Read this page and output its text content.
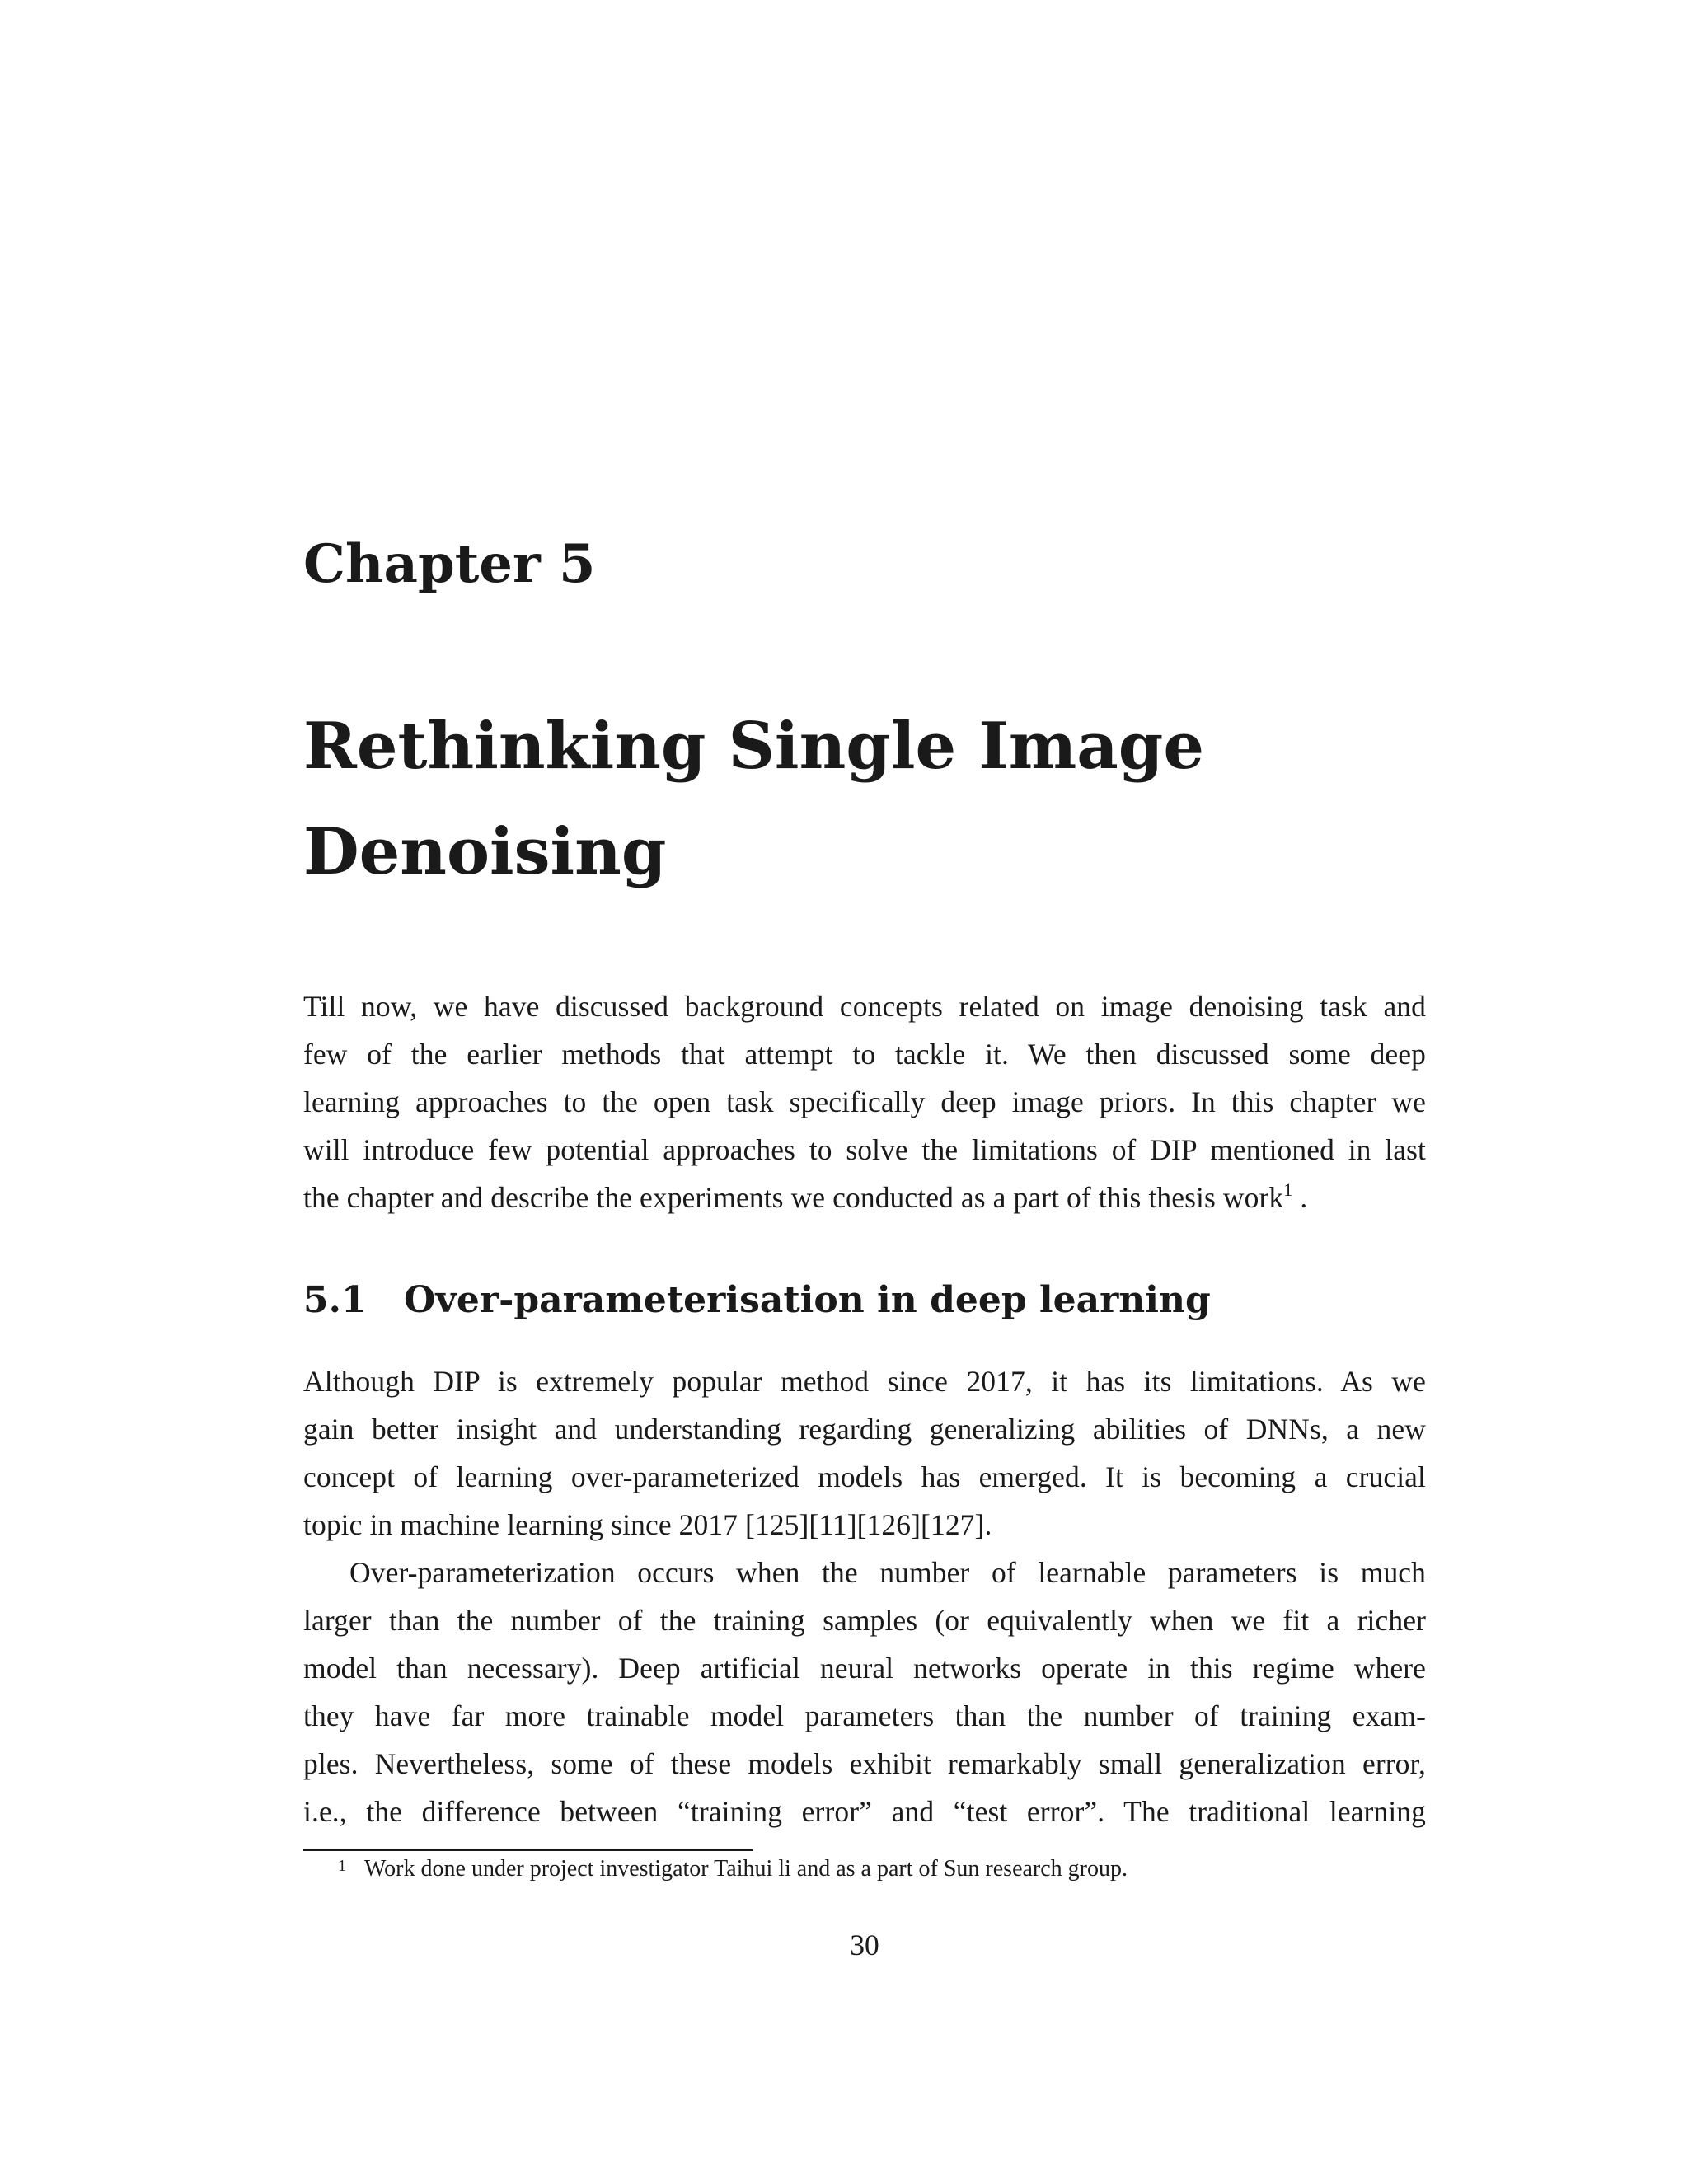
Chapter 5
Rethinking Single Image
Denoising

Till now, we have discussed background concepts related on image denoising task and
few of the earlier methods that attempt to tackle it. We then discussed some deep
learning approaches to the open task specifically deep image priors. In this chapter we
will introduce few potential approaches to solve the limitations of DIP mentioned in last
the chapter and describe the experiments we conducted as a part of this thesis work$^1$ .

5.1 Over-parameterisation in deep learning

Although DIP is extremely popular method since 2017, it has its limitations. As we
gain better insight and understanding regarding generalizing abilities of DNNs, a new
concept of learning over-parameterized models has emerged. It is becoming a crucial
topic in machine learning since 2017 [125][11][126][127].

Over-parameterization occurs when the number of learnable parameters is much
larger than the number of the training samples (or equivalently when we fit a richer
model than necessary). Deep artificial neural networks operate in this regime where
they have far more trainable model parameters than the number of training exam-
ples. Nevertheless, some of these models exhibit remarkably small generalization error,
i.e., the difference between “training error” and “test error”. The traditional learning

1 Work done under project investigator Taihui li and as a part of Sun research group.

30
